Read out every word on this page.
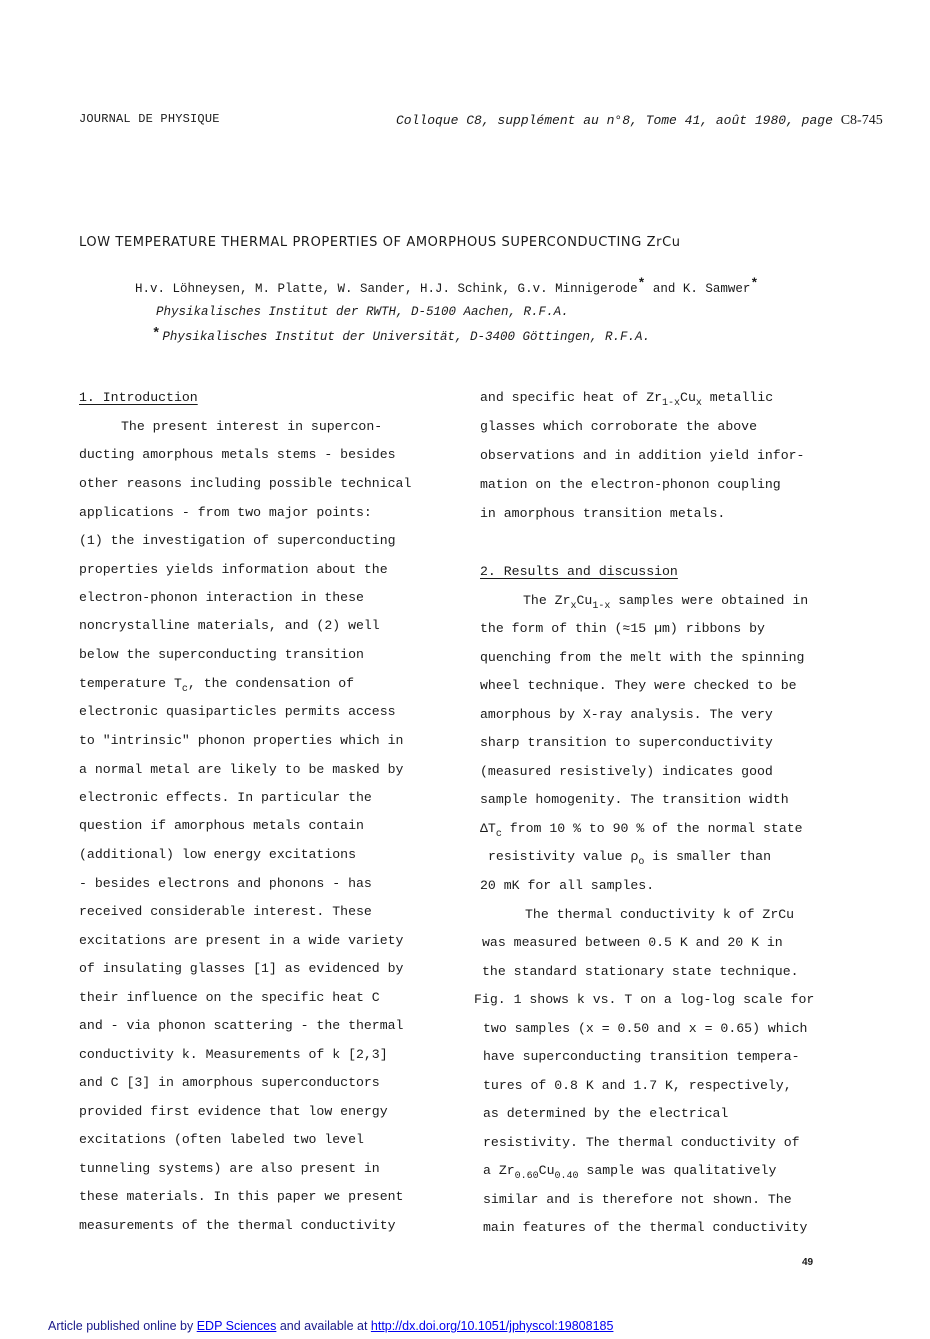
JOURNAL DE PHYSIQUE	Colloque C8, supplément au n°8, Tome 41, août 1980, page C8-745
LOW TEMPERATURE THERMAL PROPERTIES OF AMORPHOUS SUPERCONDUCTING ZrCu
H.v. Löhneysen, M. Platte, W. Sander, H.J. Schink, G.v. Minnigerode* and K. Samwer*
Physikalisches Institut der RWTH, D-5100 Aachen, R.F.A.
* Physikalisches Institut der Universität, D-3400 Göttingen, R.F.A.
1. Introduction
The present interest in supercon-
ducting amorphous metals stems - besides
other reasons including possible technical
applications - from two major points:
(1) the investigation of superconducting
properties yields information about the
electron-phonon interaction in these
noncrystalline materials, and (2) well
below the superconducting transition
temperature $T_c$, the condensation of
electronic quasiparticles permits access
to "intrinsic" phonon properties which in
a normal metal are likely to be masked by
electronic effects. In particular the
question if amorphous metals contain
(additional) low energy excitations
- besides electrons and phonons - has
received considerable interest. These
excitations are present in a wide variety
of insulating glasses [1] as evidenced by
their influence on the specific heat C
and - via phonon scattering - the thermal
conductivity k. Measurements of k [2,3]
and C [3] in amorphous superconductors
provided first evidence that low energy
excitations (often labeled two level
tunneling systems) are also present in
these materials. In this paper we present
measurements of the thermal conductivity
and specific heat of $Zr_{1-x}Cu_x$ metallic
glasses which corroborate the above
observations and in addition yield infor-
mation on the electron-phonon coupling
in amorphous transition metals.
2. Results and discussion
The $Zr_xCu_{1-x}$ samples were obtained in
the form of thin (≈15 µm) ribbons by
quenching from the melt with the spinning
wheel technique. They were checked to be
amorphous by X-ray analysis. The very
sharp transition to superconductivity
(measured resistively) indicates good
sample homogenity. The transition width
$\Delta T_c$ from 10 % to 90 % of the normal state
resistivity value $\rho_o$ is smaller than
20 mK for all samples.
The thermal conductivity k of ZrCu
was measured between 0.5 K and 20 K in
the standard stationary state technique.
Fig. 1 shows k vs. T on a log-log scale for
two samples (x = 0.50 and x = 0.65) which
have superconducting transition tempera-
tures of 0.8 K and 1.7 K, respectively,
as determined by the electrical
resistivity. The thermal conductivity of
a $Zr_{0.60}Cu_{0.40}$ sample was qualitatively
similar and is therefore not shown. The
main features of the thermal conductivity
49
Article published online by EDP Sciences and available at http://dx.doi.org/10.1051/jphyscol:19808185
